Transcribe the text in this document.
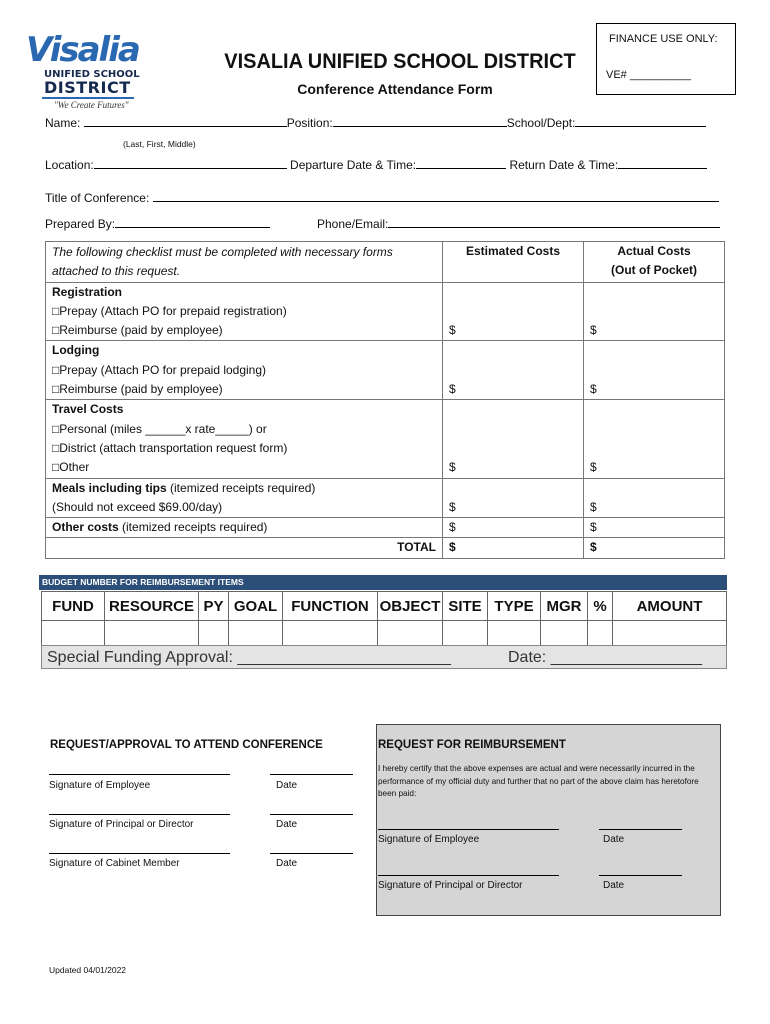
Visalia
UNIFIED SCHOOL
DISTRICT
"We Create Futures"
VISALIA UNIFIED SCHOOL DISTRICT
Conference Attendance Form
FINANCE USE ONLY:
VE# __________
Name:	Position:	School/Dept:
(Last, First, Middle)
Location:	Departure Date & Time:	Return Date & Time:
Title of Conference:
Prepared By:	Phone/Email:
The following checklist must be completed with necessary forms attached to this request.	Estimated Costs	Actual Costs
(Out of Pocket)

Registration
□Prepay (Attach PO for prepaid registration)
□Reimburse (paid by employee)	$	$

Lodging
□Prepay (Attach PO for prepaid lodging)
□Reimburse (paid by employee)	$	$

Travel Costs
□Personal (miles ______x rate_____) or
□District (attach transportation request form)
□Other	$	$

Meals including tips (itemized receipts required)
(Should not exceed $69.00/day)	$	$
Other costs (itemized receipts required)	$	$
TOTAL	$	$
BUDGET NUMBER FOR REIMBURSEMENT ITEMS
FUND	RESOURCE	PY	GOAL	FUNCTION	OBJECT	SITE	TYPE	MGR	%	AMOUNT

Special Funding Approval: ________________________	Date: _________________
REQUEST/APPROVAL TO ATTEND CONFERENCE
Signature of Employee	Date
Signature of Principal or Director	Date
Signature of Cabinet Member	Date
REQUEST FOR REIMBURSEMENT
I hereby certify that the above expenses are actual and were necessarily incurred in the performance of my official duty and further that no part of the above claim has heretofore been paid:
Signature of Employee	Date
Signature of Principal or Director	Date
Updated 04/01/2022
